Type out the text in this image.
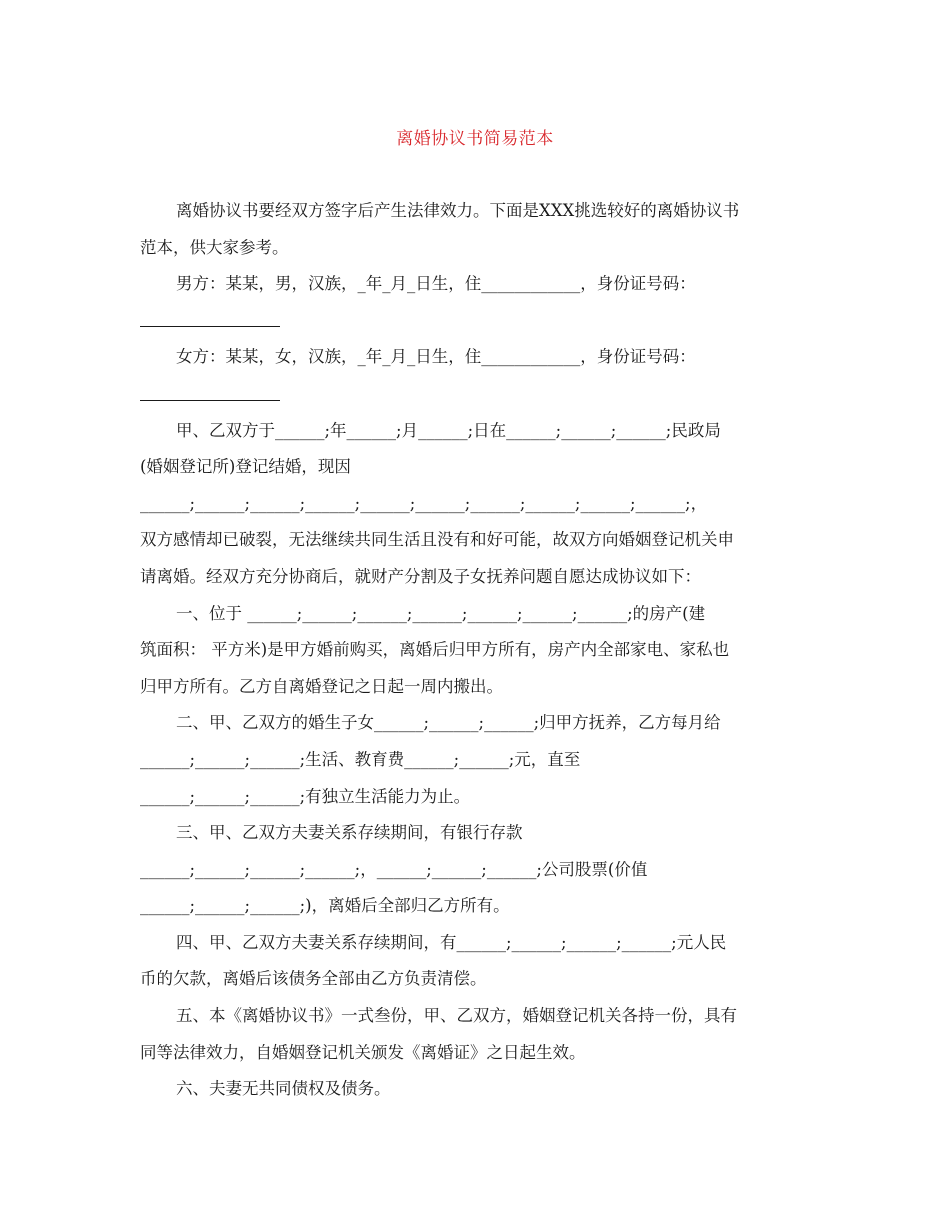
离婚协议书简易范本

离婚协议书要经双方签字后产生法律效力。下面是XXX挑选较好的离婚协议书

范本，供大家参考。

男方：某某，男，汉族，_年_月_日生，住____________，身份证号码：

女方：某某，女，汉族，_年_月_日生，住____________，身份证号码：

甲、乙双方于______;年______;月______;日在______;______;______;民政局

(婚姻登记所)登记结婚，现因

______;______;______;______;______;______;______;______;______;______;，

双方感情却已破裂，无法继续共同生活且没有和好可能，故双方向婚姻登记机关申

请离婚。经双方充分协商后，就财产分割及子女抚养问题自愿达成协议如下：

一、位于 ______;______;______;______;______;______;______;的房产(建

筑面积： 平方米)是甲方婚前购买，离婚后归甲方所有，房产内全部家电、家私也

归甲方所有。乙方自离婚登记之日起一周内搬出。

二、甲、乙双方的婚生子女______;______;______;归甲方抚养，乙方每月给

______;______;______;生活、教育费______;______;元，直至

______;______;______;有独立生活能力为止。

三、甲、乙双方夫妻关系存续期间，有银行存款

______;______;______;______;，______;______;______;公司股票(价值

______;______;______;)，离婚后全部归乙方所有。

四、甲、乙双方夫妻关系存续期间，有______;______;______;______;元人民

币的欠款，离婚后该债务全部由乙方负责清偿。

五、本《离婚协议书》一式叁份，甲、乙双方，婚姻登记机关各持一份，具有

同等法律效力，自婚姻登记机关颁发《离婚证》之日起生效。

六、夫妻无共同债权及债务。
